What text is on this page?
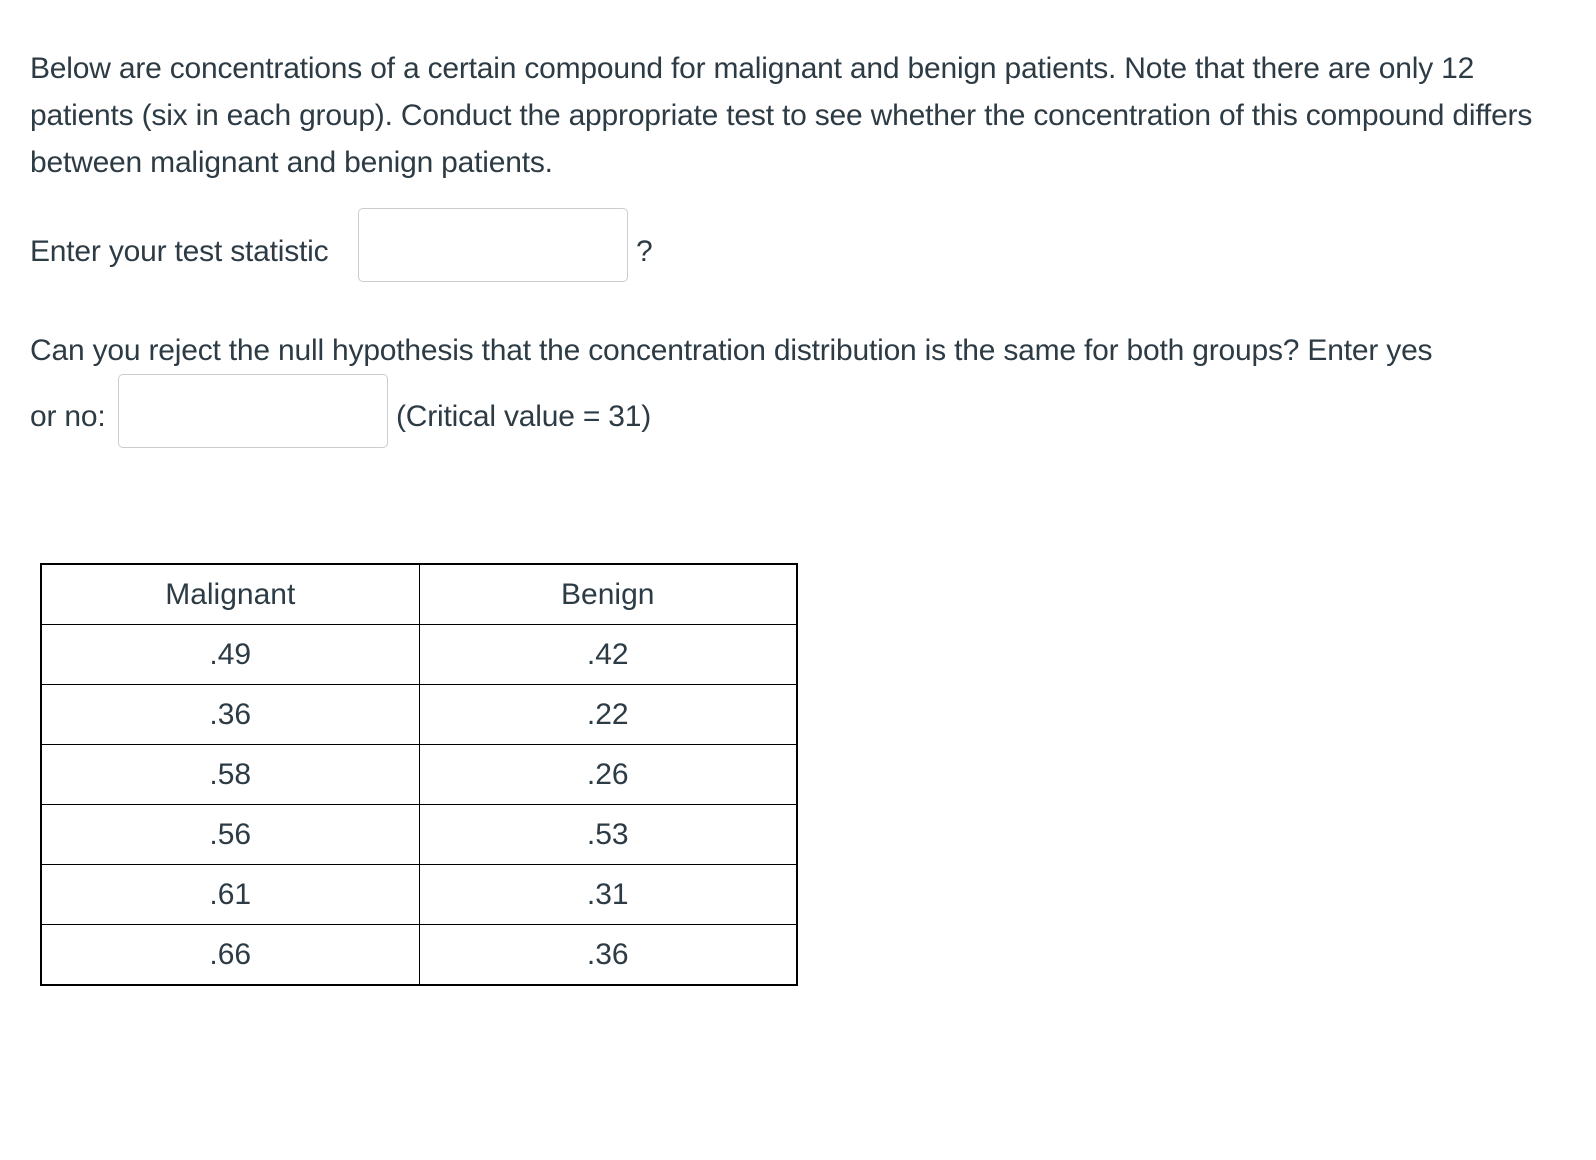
Below are concentrations of a certain compound for malignant and benign patients. Note that there are only 12 patients (six in each group). Conduct the appropriate test to see whether the concentration of this compound differs between malignant and benign patients.

Enter your test statistic	?
Can you reject the null hypothesis that the concentration distribution is the same for both groups? Enter yes
or no:	(Critical value = 31)
Malignant	Benign
.49	.42
.36	.22
.58	.26
.56	.53
.61	.31
.66	.36
